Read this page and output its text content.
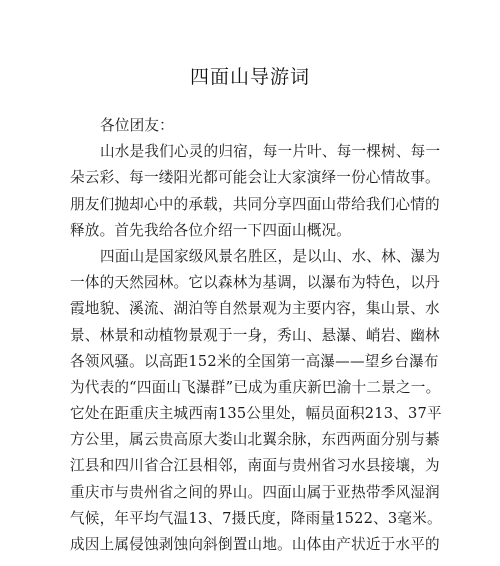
四面山导游词
各位团友：
山水是我们心灵的归宿，每一片叶、每一棵树、每一
朵云彩、每一缕阳光都可能会让大家演绎一份心情故事。
朋友们抛却心中的承载，共同分享四面山带给我们心情的
释放。首先我给各位介绍一下四面山概况。
四面山是国家级风景名胜区，是以山、水、林、瀑为
一体的天然园林。它以森林为基调，以瀑布为特色，以丹
霞地貌、溪流、湖泊等自然景观为主要内容，集山景、水
景、林景和动植物景观于一身，秀山、悬瀑、峭岩、幽林
各领风骚。以高距152米的全国第一高瀑——望乡台瀑布
为代表的“四面山飞瀑群”已成为重庆新巴渝十二景之一。
它处在距重庆主城西南135公里处，幅员面积213、37平
方公里，属云贵高原大娄山北翼余脉，东西两面分别与綦
江县和四川省合江县相邻，南面与贵州省习水县接壤，为
重庆市与贵州省之间的界山。四面山属于亚热带季风湿润
气候，年平均气温13、7摄氏度，降雨量1522、3毫米。
成因上属侵蚀剥蚀向斜倒置山地。山体由产状近于水平的
